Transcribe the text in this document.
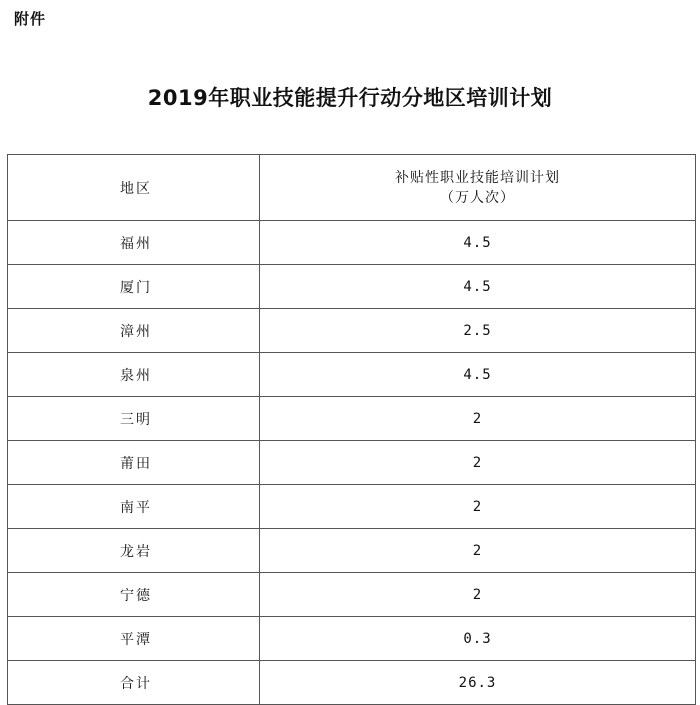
附件
2019年职业技能提升行动分地区培训计划
地区	补贴性职业技能培训计划
（万人次）

福州	4.5
厦门	4.5
漳州	2.5
泉州	4.5
三明	2
莆田	2
南平	2
龙岩	2
宁德	2
平潭	0.3
合计	26.3
